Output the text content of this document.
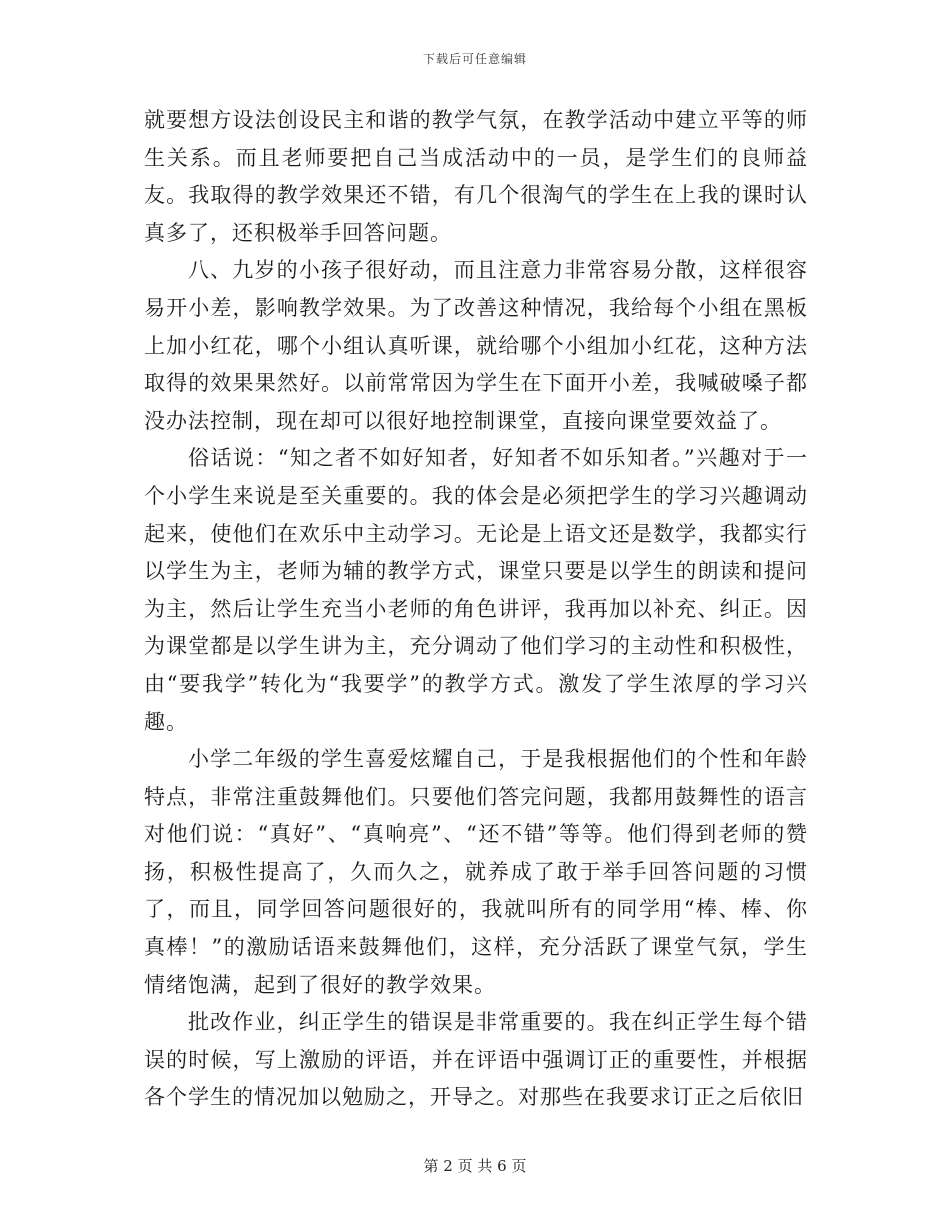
下载后可任意编辑

就要想方设法创设民主和谐的教学气氛，在教学活动中建立平等的师生关系。而且老师要把自己当成活动中的一员，是学生们的良师益友。我取得的教学效果还不错，有几个很淘气的学生在上我的课时认真多了，还积极举手回答问题。

八、九岁的小孩子很好动，而且注意力非常容易分散，这样很容易开小差，影响教学效果。为了改善这种情况，我给每个小组在黑板上加小红花，哪个小组认真听课，就给哪个小组加小红花，这种方法取得的效果果然好。以前常常因为学生在下面开小差，我喊破嗓子都没办法控制，现在却可以很好地控制课堂，直接向课堂要效益了。

俗话说：“知之者不如好知者，好知者不如乐知者。”兴趣对于一个小学生来说是至关重要的。我的体会是必须把学生的学习兴趣调动起来，使他们在欢乐中主动学习。无论是上语文还是数学，我都实行以学生为主，老师为辅的教学方式，课堂只要是以学生的朗读和提问为主，然后让学生充当小老师的角色讲评，我再加以补充、纠正。因为课堂都是以学生讲为主，充分调动了他们学习的主动性和积极性，由“要我学”转化为“我要学”的教学方式。激发了学生浓厚的学习兴趣。

小学二年级的学生喜爱炫耀自己，于是我根据他们的个性和年龄特点，非常注重鼓舞他们。只要他们答完问题，我都用鼓舞性的语言对他们说：“真好”、“真响亮”、“还不错”等等。他们得到老师的赞扬，积极性提高了，久而久之，就养成了敢于举手回答问题的习惯了，而且，同学回答问题很好的，我就叫所有的同学用“棒、棒、你真棒！”的激励话语来鼓舞他们，这样，充分活跃了课堂气氛，学生情绪饱满，起到了很好的教学效果。

批改作业，纠正学生的错误是非常重要的。我在纠正学生每个错误的时候，写上激励的评语，并在评语中强调订正的重要性，并根据各个学生的情况加以勉励之，开导之。对那些在我要求订正之后依旧

第 2 页 共 6 页
